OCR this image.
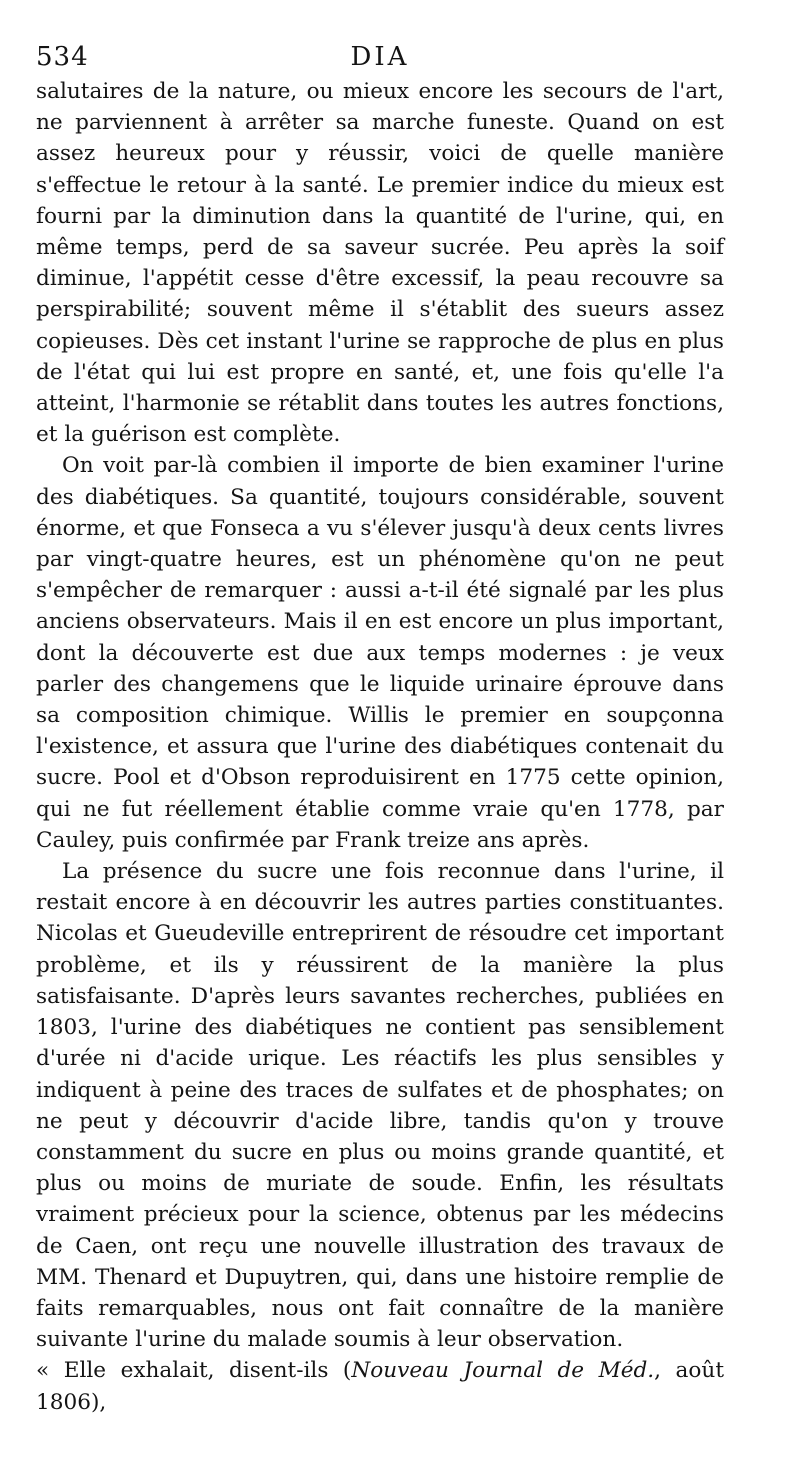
534	DIA

salutaires de la nature, ou mieux encore les secours de l'art, ne parviennent à arrêter sa marche funeste. Quand on est assez heureux pour y réussir, voici de quelle manière s'effectue le retour à la santé. Le premier indice du mieux est fourni par la diminution dans la quantité de l'urine, qui, en même temps, perd de sa saveur sucrée. Peu après la soif diminue, l'appétit cesse d'être excessif, la peau recouvre sa perspirabilité; souvent même il s'établit des sueurs assez copieuses. Dès cet instant l'urine se rapproche de plus en plus de l'état qui lui est propre en santé, et, une fois qu'elle l'a atteint, l'harmonie se rétablit dans toutes les autres fonctions, et la guérison est complète.

On voit par-là combien il importe de bien examiner l'urine des diabétiques. Sa quantité, toujours considérable, souvent énorme, et que Fonseca a vu s'élever jusqu'à deux cents livres par vingt-quatre heures, est un phénomène qu'on ne peut s'empêcher de remarquer : aussi a-t-il été signalé par les plus anciens observateurs. Mais il en est encore un plus important, dont la découverte est due aux temps modernes : je veux parler des changemens que le liquide urinaire éprouve dans sa composition chimique. Willis le premier en soupçonna l'existence, et assura que l'urine des diabétiques contenait du sucre. Pool et d'Obson reproduisirent en 1775 cette opinion, qui ne fut réellement établie comme vraie qu'en 1778, par Cauley, puis confirmée par Frank treize ans après.

La présence du sucre une fois reconnue dans l'urine, il restait encore à en découvrir les autres parties constituantes. Nicolas et Gueudeville entreprirent de résoudre cet important problème, et ils y réussirent de la manière la plus satisfaisante. D'après leurs savantes recherches, publiées en 1803, l'urine des diabétiques ne contient pas sensiblement d'urée ni d'acide urique. Les réactifs les plus sensibles y indiquent à peine des traces de sulfates et de phosphates; on ne peut y découvrir d'acide libre, tandis qu'on y trouve constamment du sucre en plus ou moins grande quantité, et plus ou moins de muriate de soude. Enfin, les résultats vraiment précieux pour la science, obtenus par les médecins de Caen, ont reçu une nouvelle illustration des travaux de MM. Thenard et Dupuytren, qui, dans une histoire remplie de faits remarquables, nous ont fait connaître de la manière suivante l'urine du malade soumis à leur observation.

« Elle exhalait, disent-ils (Nouveau Journal de Méd., août 1806),
